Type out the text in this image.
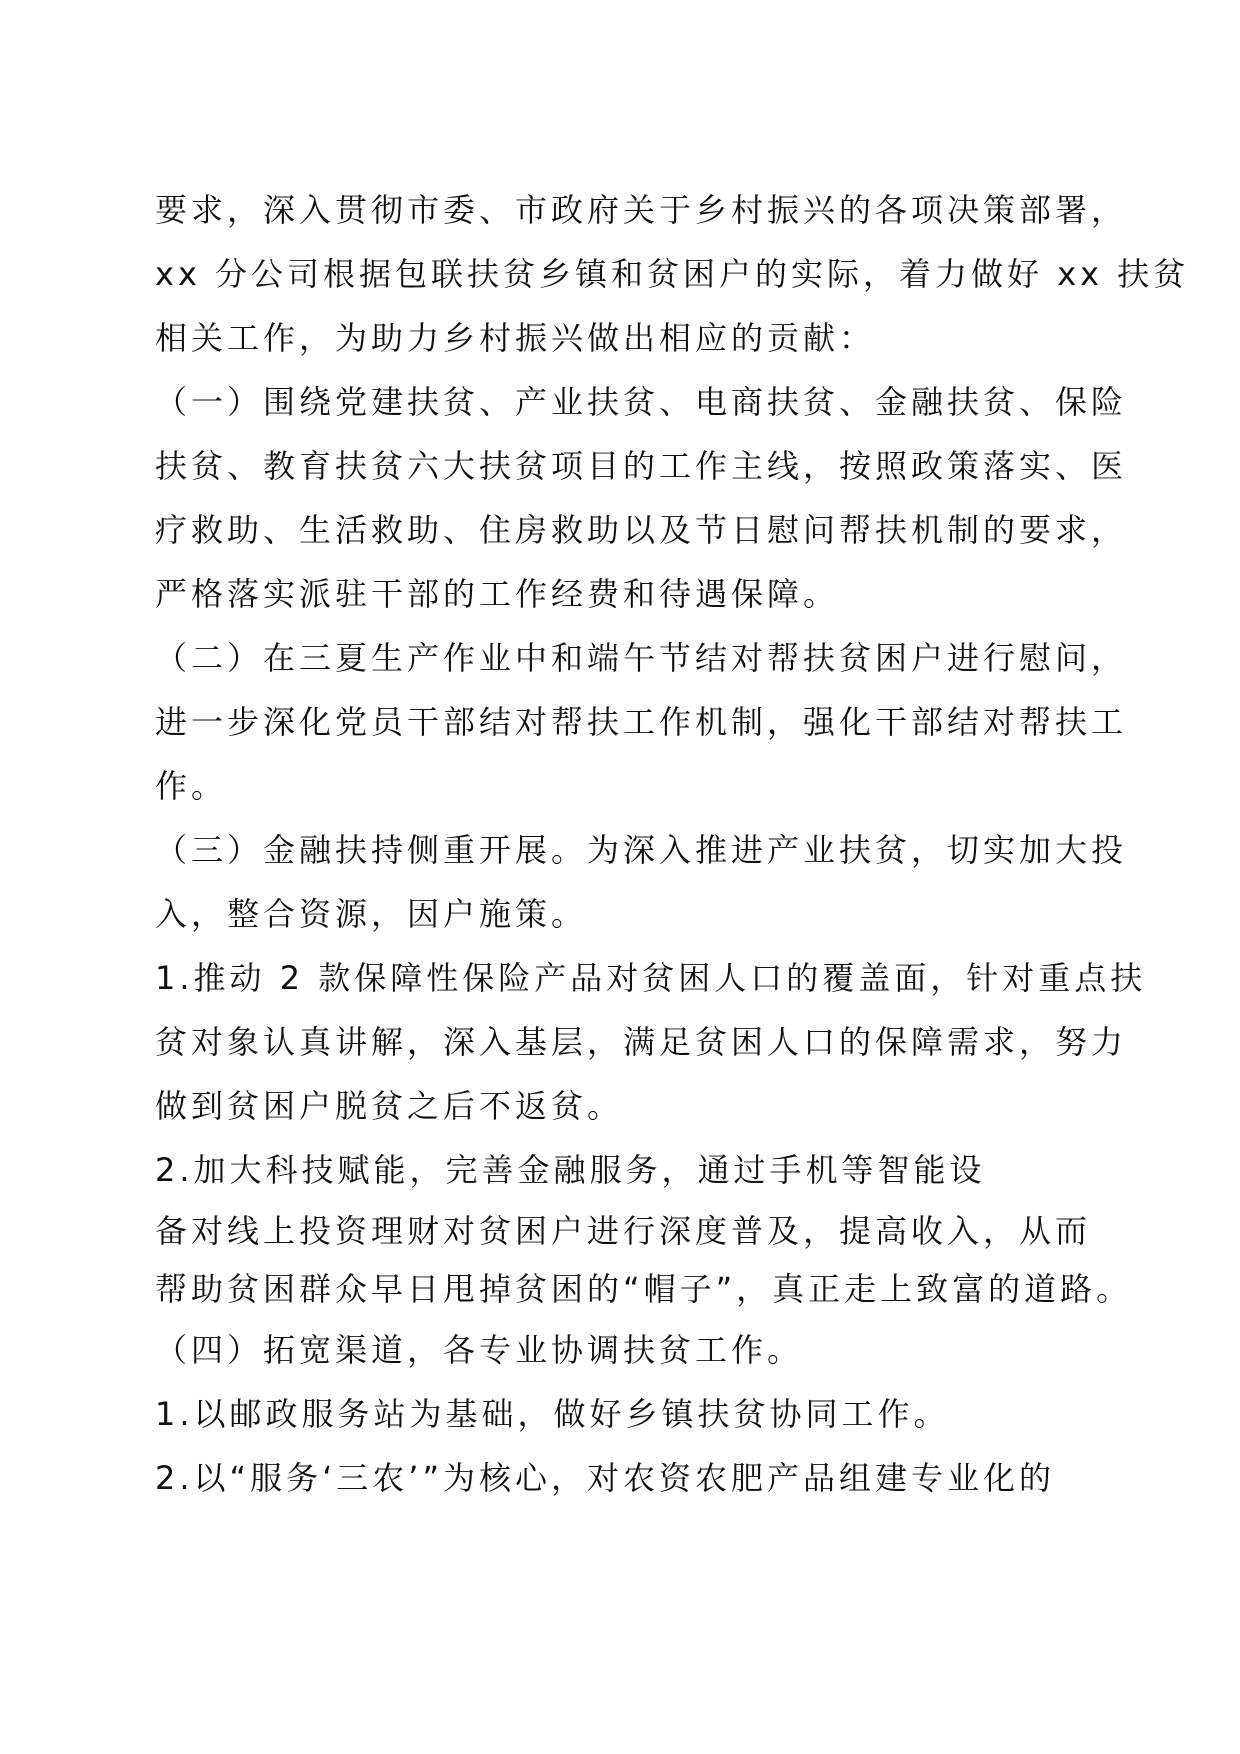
要求，深入贯彻市委、市政府关于乡村振兴的各项决策部署，
xx 分公司根据包联扶贫乡镇和贫困户的实际，着力做好 xx 扶贫
相关工作，为助力乡村振兴做出相应的贡献：
（一）围绕党建扶贫、产业扶贫、电商扶贫、金融扶贫、保险
扶贫、教育扶贫六大扶贫项目的工作主线，按照政策落实、医
疗救助、生活救助、住房救助以及节日慰问帮扶机制的要求，
严格落实派驻干部的工作经费和待遇保障。
（二）在三夏生产作业中和端午节结对帮扶贫困户进行慰问，
进一步深化党员干部结对帮扶工作机制，强化干部结对帮扶工
作。
（三）金融扶持侧重开展。为深入推进产业扶贫，切实加大投
入，整合资源，因户施策。
1.推动 2 款保障性保险产品对贫困人口的覆盖面，针对重点扶
贫对象认真讲解，深入基层，满足贫困人口的保障需求，努力
做到贫困户脱贫之后不返贫。
2.加大科技赋能，完善金融服务，通过手机等智能设
备对线上投资理财对贫困户进行深度普及，提高收入，从而
帮助贫困群众早日甩掉贫困的“帽子”，真正走上致富的道路。
（四）拓宽渠道，各专业协调扶贫工作。
1.以邮政服务站为基础，做好乡镇扶贫协同工作。
2.以“服务‘三农’”为核心，对农资农肥产品组建专业化的
